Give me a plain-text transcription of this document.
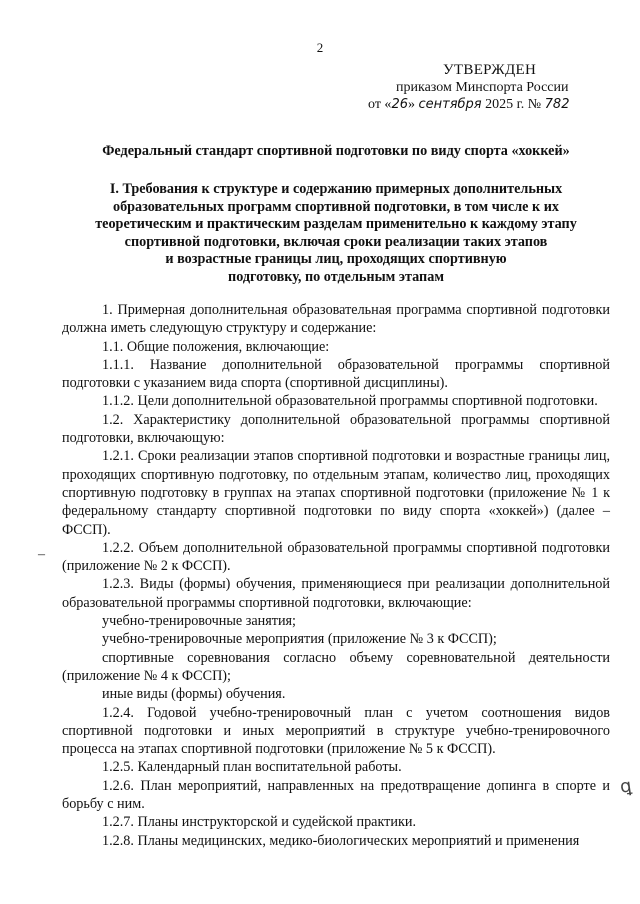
2
УТВЕРЖДЕН
приказом Минспорта России
от «26» сентября 2025 г. № 782
Федеральный стандарт спортивной подготовки по виду спорта «хоккей»
I. Требования к структуре и содержанию примерных дополнительных
образовательных программ спортивной подготовки, в том числе к их
теоретическим и практическим разделам применительно к каждому этапу
спортивной подготовки, включая сроки реализации таких этапов
и возрастные границы лиц, проходящих спортивную
подготовку, по отдельным этапам

1. Примерная дополнительная образовательная программа спортивной подготовки должна иметь следующую структуру и содержание:

1.1. Общие положения, включающие:

1.1.1. Название дополнительной образовательной программы спортивной подготовки с указанием вида спорта (спортивной дисциплины).

1.1.2. Цели дополнительной образовательной программы спортивной подготовки.

1.2. Характеристику дополнительной образовательной программы спортивной подготовки, включающую:

1.2.1. Сроки реализации этапов спортивной подготовки и возрастные границы лиц, проходящих спортивную подготовку, по отдельным этапам, количество лиц, проходящих спортивную подготовку в группах на этапах спортивной подготовки (приложение № 1 к федеральному стандарту спортивной подготовки по виду спорта «хоккей») (далее – ФССП).

1.2.2. Объем дополнительной образовательной программы спортивной подготовки (приложение № 2 к ФССП).

1.2.3. Виды (формы) обучения, применяющиеся при реализации дополнительной образовательной программы спортивной подготовки, включающие:

учебно-тренировочные занятия;

учебно-тренировочные мероприятия (приложение № 3 к ФССП);

спортивные соревнования согласно объему соревновательной деятельности (приложение № 4 к ФССП);

иные виды (формы) обучения.

1.2.4. Годовой учебно-тренировочный план с учетом соотношения видов спортивной подготовки и иных мероприятий в структуре учебно-тренировочного процесса на этапах спортивной подготовки (приложение № 5 к ФССП).

1.2.5. Календарный план воспитательной работы.

1.2.6. План мероприятий, направленных на предотвращение допинга в спорте и борьбу с ним.

1.2.7. Планы инструкторской и судейской практики.

1.2.8. Планы медицинских, медико-биологических мероприятий и применения

–
ꝗ
